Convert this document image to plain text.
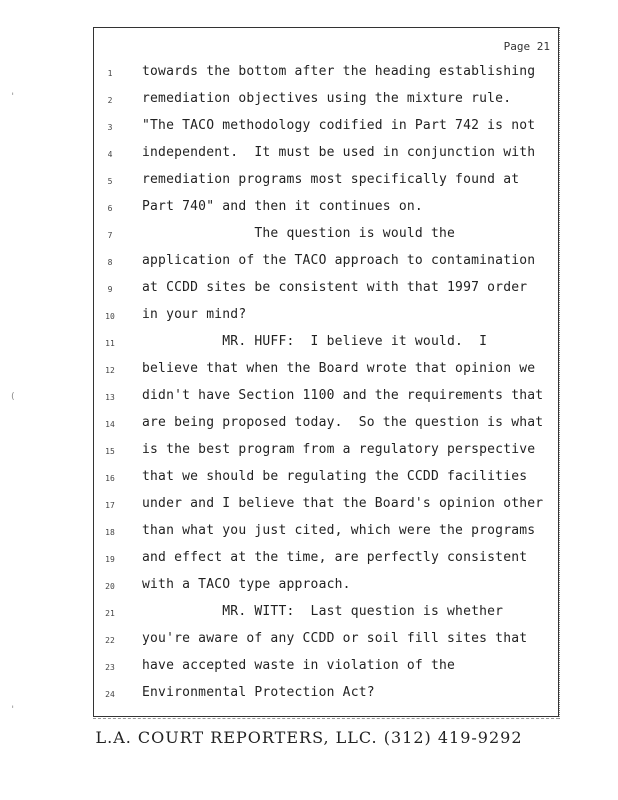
Page 21
1	towards the bottom after the heading establishing
2	remediation objectives using the mixture rule.
3	"The TACO methodology codified in Part 742 is not
4	independent.  It must be used in conjunction with
5	remediation programs most specifically found at
6	Part 740" and then it continues on.
7	The question is would the
8	application of the TACO approach to contamination
9	at CCDD sites be consistent with that 1997 order
10	in your mind?
11	MR. HUFF:  I believe it would.  I
12	believe that when the Board wrote that opinion we
13	didn't have Section 1100 and the requirements that
14	are being proposed today.  So the question is what
15	is the best program from a regulatory perspective
16	that we should be regulating the CCDD facilities
17	under and I believe that the Board's opinion other
18	than what you just cited, which were the programs
19	and effect at the time, are perfectly consistent
20	with a TACO type approach.
21	MR. WITT:  Last question is whether
22	you're aware of any CCDD or soil fill sites that
23	have accepted waste in violation of the
24	Environmental Protection Act?
'
(
'
L.A. COURT REPORTERS, LLC. (312) 419-9292
